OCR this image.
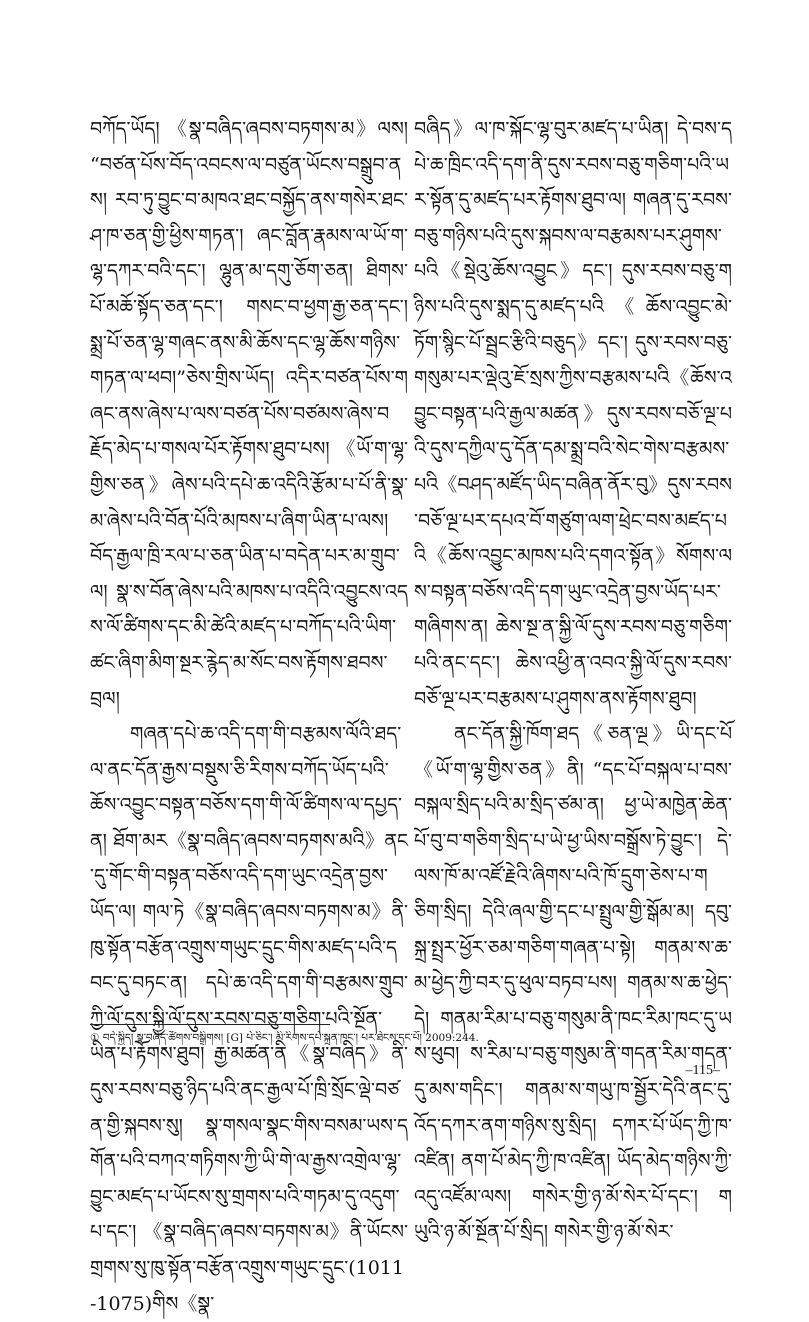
བཀོད་ཡོད། 《སྣ་བཞིད་ཞབས་བཏགས་མ》ལས། “བཙན་པོས་བོད་འབངས་ལ་བཙུན་ཡོངས་བསྒྲུབ་ནས། རབ་ཏུ་བྱུང་བ་མཁའ་ཐང་བསྐྱོད་ནས་གསེར་ཐང་ཤ་ཁ་ཅན་གྱི་ཕྱིས་གཏན་། ཞང་བློན་རྣམས་ལ་ཡོ་ག་ལྷ་དཀར་བའི་དང་། ལྷུན་མ་དགུ་ཅོག་ཅན། ཐིགས་པོ་མཆོ་སྟོད་ཅན་དང་། གསང་བ་ཕྱག་རྒྱ་ཅན་དང་། སྨྲ་པོ་ཅན་ལྷ་གཞང་ནས་མི་ཆོས་དང་ལྷ་ཆོས་གཉིས་གཏན་ལ་ཕབ།”ཅེས་གྲིས་ཡོད། འདིར་བཙན་པོས་གཞང་ནས་ཞེས་པ་ལས་བཙན་པོས་བཙམས་ཞེས་བརྗོད་མེད་པ་གསལ་པོར་རྟོགས་ཐུབ་པས། 《ཡོ་ག་ལྷ་གྱིས་ཅན》ཞེས་པའི་དཔེ་ཆ་འདིའི་རྩོམ་པ་པོ་ནི་སྣ་མ་ཞེས་པའི་བོན་པོའི་མཁས་པ་ཞིག་ཡིན་པ་ལས། བོད་རྒྱལ་ཁྲི་རལ་པ་ཅན་ཡིན་པ་བདེན་པར་མ་གྲུབ་ལ། སྣ་ས་བོན་ཞེས་པའི་མཁས་པ་འདིའི་འབྱུངས་འདས་ལོ་ཚིགས་དང་མི་ཚེའི་མཛད་པ་བཀོད་པའི་ཡིག་ཚང་ཞིག་མིག་སྔར་རྙེད་མ་སོང་བས་རྟོགས་ཐབས་བྲལ།

གཞན་དཔེ་ཆ་འདི་དག་གི་བརྩམས་ལོའི་ཐད་ལ་ནང་དོན་རྒྱས་བསྡུས་ཅི་རིགས་བཀོད་ཡོད་པའི་ཆོས་འབྱུང་བསྟན་བཅོས་དག་གི་ལོ་ཚིགས་ལ་དཔྱད་ན། ཐོག་མར《སྣ་བཞིད་ཞབས་བཏགས་མའི》ནང་དུ་གོང་གི་བསྟན་བཅོས་འདི་དག་ཡུང་འདྲེན་བྱས་ཡོད་ལ། གལ་ཏེ《སྣ་བཞིད་ཞབས་བཏགས་མ》ནི་ཁུ་སྟོན་བརྩོན་འགྲུས་གཡུང་དྲུང་གིས་མཛད་པའི་དབང་དུ་བཏང་ན། དཔེ་ཆ་འདི་དག་གི་བརྩམས་གྲུབ་ཀྱི་ལོ་དུས་སྐྱི་ལོ་དུས་རབས་བཅུ་གཅིག་པའི་སྔོན་ཡིན་པ་རྟོགས་ཐུབ། རྒྱ་མཚན་ནི《སྣ་བཞིད》ནི་དུས་རབས་བཅུ་ཉིད་པའི་ནང་རྒྱལ་པོ་ཁྲི་སྲོང་ལྡེ་བཙན་གྱི་སྐབས་སུ། སྣ་གསལ་སྣང་གིས་བསམ་ཡས་དགོན་པའི་བཀའ་གཏིགས་ཀྱི་ཡི་གེ་ལ་རྒྱས་འགྲེལ་ལྷ་བྱུང་མཛད་པ་ཡོངས་སུ་གྲགས་པའི་གཏམ་དུ་འདུག་པ་དང་། 《སྣ་བཞིད་ཞབས་བཏགས་མ》ནི་ཡོངས་གྲགས་སུ་ཁུ་སྟོན་བརྩོན་འགྲུས་གཡུང་དྲུང་(1011-1075)གིས《སྣ་

བཞིད》ལ་ཁ་སྐོང་ལྷ་བུར་མཛད་པ་ཡིན། དེ་བས་དཔེ་ཆ་ཁྲིང་འདི་དག་ནི་དུས་རབས་བཅུ་གཅིག་པའི་ཡར་སྟོན་དུ་མཛད་པར་རྟོགས་ཐུབ་ལ། གཞན་དུ་རབས་བཅུ་གཉིས་པའི་དུས་སྐབས་ལ་བརྩམས་པར་ཤུགས་པའི《སྡེའུ་ཆོས་འབྱུང》དང་། དུས་རབས་བཅུ་གཉིས་པའི་དུས་སྨད་དུ་མཛད་པའི《ཆོས་འབྱུང་མེ་ཏོག་སྙིང་པོ་སྦྲང་རྩིའི་བཅུད》དང་། དུས་རབས་བཅུ་གསུམ་པར་ལྡེའུ་ཇོ་སྲས་ཀྱིས་བརྩམས་པའི《ཆོས་འབྱུང་བསྟན་པའི་རྒྱལ་མཚན》དུས་རབས་བཅོ་ལྔ་པའི་དུས་དཀྱིལ་དུ་དོན་དམ་སྨྲ་བའི་སེང་གེས་བརྩམས་པའི《བཤད་མཛོད་ཡིད་བཞིན་ནོར་བུ》དུས་རབས་བཅོ་ལྔ་པར་དཔའ་བོ་གཙུག་ལག་ཕྲེང་བས་མཛད་པའི《ཆོས་འབྱུང་མཁས་པའི་དགའ་སྟོན》སོགས་ལས་བསྟན་བཅོས་འདི་དག་ཡུང་འདྲེན་བྱས་ཡོད་པར་གཞིགས་ན། ཆེས་སྔ་ན་སྐྱི་ལོ་དུས་རབས་བཅུ་གཅིག་པའི་ནང་དང་། ཆེས་འཕྱི་ན་འབའ་སྐྱི་ལོ་དུས་རབས་བཅོ་ལྔ་པར་བརྩམས་པ་ཤུགས་ནས་རྟོགས་ཐུབ།

ནང་དོན་སྐྱི་ཁོག་ཐད《ཅན་ལྔ》ཡི་དང་པོ《ཡོ་ག་ལྷ་གྱིས་ཅན》ནི། “དང་པོ་བསྐལ་པ་བས་བསྐལ་སྲིད་པའི་མ་སྲིད་ཙམ་ན། ཕྱ་ཡེ་མཁྱེན་ཆེན་པོ་བུ་བ་གཅིག་སྲིད་པ་ཡེ་ཕྱ་ཡིས་བསྒྲོས་ཏེ་བྱུང་། དེ་ལས་ཁོ་མ་འཛོ་རྗེའི་ཞིགས་པའི་ཁོ་དྲུག་ཅེས་པ་གཅིག་སྲིད། དེའི་ཞལ་གྱི་དང་པ་སྤྲུལ་གྱི་སྒོམ་མ། དབུ་སྐྲ་སྤྲར་ཕྱོར་ཅམ་གཅིག་གཞན་པ་སྟེ། གནམ་ས་ཆ་མ་ཕྱེད་ཀྱི་བར་དུ་ཕུལ་བཏབ་པས། གནམ་ས་ཆ་ཕྱེད་དེ། གནམ་རིམ་པ་བཅུ་གསུམ་ནི་ཁང་རིམ་ཁང་དུ་ཡས་ཕུབ། ས་རིམ་པ་བཅུ་གསུམ་ནི་གདན་རིམ་གདན་དུ་མས་གདིང་། གནམ་ས་གཡུ་ཁ་སྦྱོར་དེའི་ནང་དུ་འོད་དཀར་ནག་གཉིས་སུ་སྲིད། དཀར་པོ་ཡོད་ཀྱི་ཁ་འཛིན། ནག་པོ་མེད་ཀྱི་ཁ་འཛིན། ཡོད་མེད་གཉིས་ཀྱི་འདུ་འཛོམ་ལས། གསེར་གྱི་ཉ་མོ་སེར་པོ་དང་། གཡུའི་ཉ་མོ་སྔོན་པོ་སྲིད། གསེར་གྱི་ཉ་མོ་སེར་

① བདེ་སྐྱིད། སྣ་བཞིད་ཚོགས་བསྒྲིགས། [G] པེ་ཅིང་། མི་རིགས་དཔེ་སྐྲུན་ཁང་། པར་ཐེངས་དང་པོ། 2009:244.
–115–
